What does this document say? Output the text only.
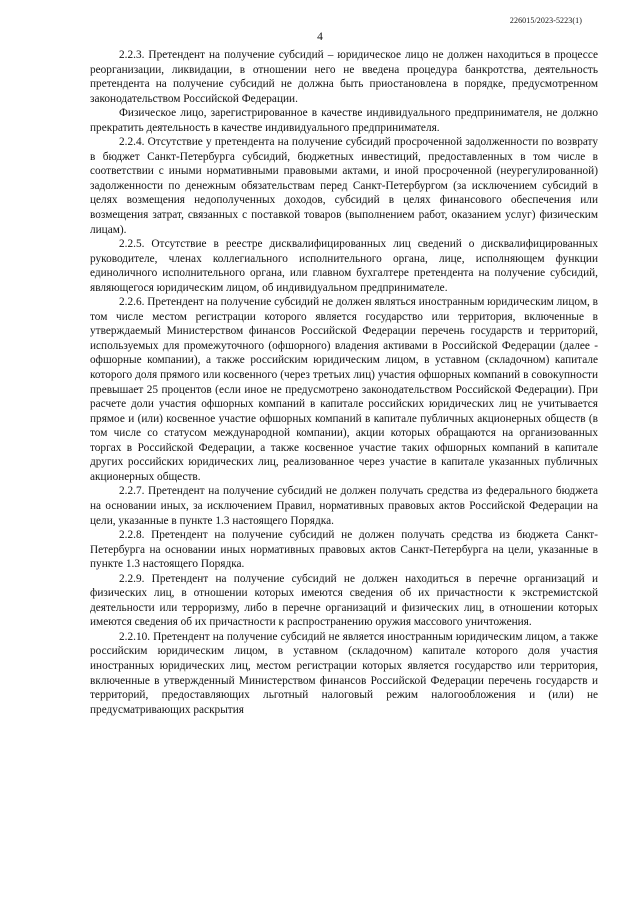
226015/2023-5223(1)
4

2.2.3. Претендент на получение субсидий – юридическое лицо не должен находиться в процессе реорганизации, ликвидации, в отношении него не введена процедура банкротства, деятельность претендента на получение субсидий не должна быть приостановлена в порядке, предусмотренном законодательством Российской Федерации.

Физическое лицо, зарегистрированное в качестве индивидуального предпринимателя, не должно прекратить деятельность в качестве индивидуального предпринимателя.

2.2.4. Отсутствие у претендента на получение субсидий просроченной задолженности по возврату в бюджет Санкт-Петербурга субсидий, бюджетных инвестиций, предоставленных в том числе в соответствии с иными нормативными правовыми актами, и иной просроченной (неурегулированной) задолженности по денежным обязательствам перед Санкт-Петербургом (за исключением субсидий в целях возмещения недополученных доходов, субсидий в целях финансового обеспечения или возмещения затрат, связанных с поставкой товаров (выполнением работ, оказанием услуг) физическим лицам).

2.2.5. Отсутствие в реестре дисквалифицированных лиц сведений о дисквалифицированных руководителе, членах коллегиального исполнительного органа, лице, исполняющем функции единоличного исполнительного органа, или главном бухгалтере претендента на получение субсидий, являющегося юридическим лицом, об индивидуальном предпринимателе.

2.2.6. Претендент на получение субсидий не должен являться иностранным юридическим лицом, в том числе местом регистрации которого является государство или территория, включенные в утверждаемый Министерством финансов Российской Федерации перечень государств и территорий, используемых для промежуточного (офшорного) владения активами в Российской Федерации (далее - офшорные компании), а также российским юридическим лицом, в уставном (складочном) капитале которого доля прямого или косвенного (через третьих лиц) участия офшорных компаний в совокупности превышает 25 процентов (если иное не предусмотрено законодательством Российской Федерации). При расчете доли участия офшорных компаний в капитале российских юридических лиц не учитывается прямое и (или) косвенное участие офшорных компаний в капитале публичных акционерных обществ (в том числе со статусом международной компании), акции которых обращаются на организованных торгах в Российской Федерации, а также косвенное участие таких офшорных компаний в капитале других российских юридических лиц, реализованное через участие в капитале указанных публичных акционерных обществ.

2.2.7. Претендент на получение субсидий не должен получать средства из федерального бюджета на основании иных, за исключением Правил, нормативных правовых актов Российской Федерации на цели, указанные в пункте 1.3 настоящего Порядка.

2.2.8. Претендент на получение субсидий не должен получать средства из бюджета Санкт-Петербурга на основании иных нормативных правовых актов Санкт-Петербурга на цели, указанные в пункте 1.3 настоящего Порядка.

2.2.9. Претендент на получение субсидий не должен находиться в перечне организаций и физических лиц, в отношении которых имеются сведения об их причастности к экстремистской деятельности или терроризму, либо в перечне организаций и физических лиц, в отношении которых имеются сведения об их причастности к распространению оружия массового уничтожения.

2.2.10. Претендент на получение субсидий не является иностранным юридическим лицом, а также российским юридическим лицом, в уставном (складочном) капитале которого доля участия иностранных юридических лиц, местом регистрации которых является государство или территория, включенные в утвержденный Министерством финансов Российской Федерации перечень государств и территорий, предоставляющих льготный налоговый режим налогообложения и (или) не предусматривающих раскрытия
